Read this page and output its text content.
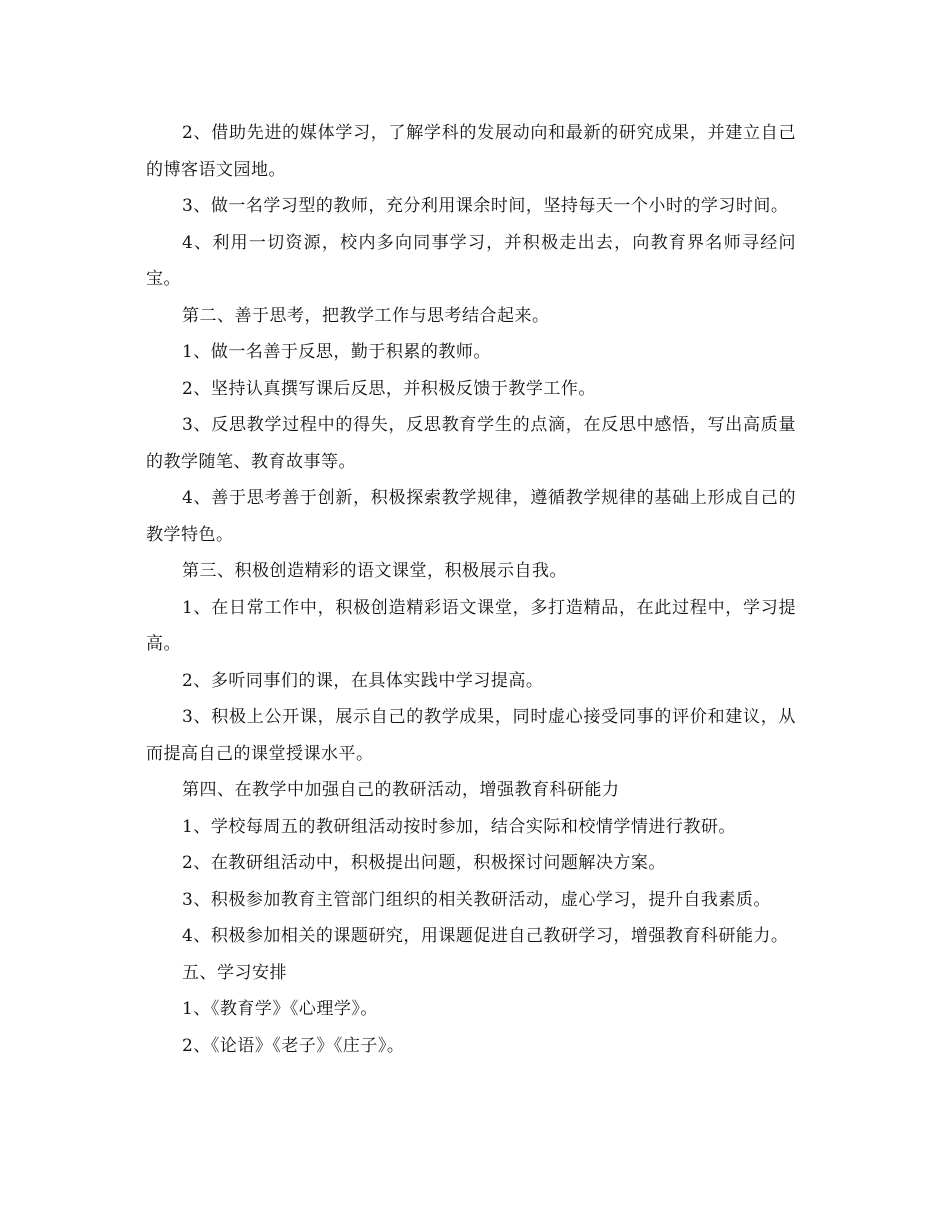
2、借助先进的媒体学习，了解学科的发展动向和最新的研究成果，并建立自己的博客语文园地。

3、做一名学习型的教师，充分利用课余时间，坚持每天一个小时的学习时间。

4、利用一切资源，校内多向同事学习，并积极走出去，向教育界名师寻经问宝。

第二、善于思考，把教学工作与思考结合起来。

1、做一名善于反思，勤于积累的教师。

2、坚持认真撰写课后反思，并积极反馈于教学工作。

3、反思教学过程中的得失，反思教育学生的点滴，在反思中感悟，写出高质量的教学随笔、教育故事等。

4、善于思考善于创新，积极探索教学规律，遵循教学规律的基础上形成自己的教学特色。

第三、积极创造精彩的语文课堂，积极展示自我。

1、在日常工作中，积极创造精彩语文课堂，多打造精品，在此过程中，学习提高。

2、多听同事们的课，在具体实践中学习提高。

3、积极上公开课，展示自己的教学成果，同时虚心接受同事的评价和建议，从而提高自己的课堂授课水平。

第四、在教学中加强自己的教研活动，增强教育科研能力

1、学校每周五的教研组活动按时参加，结合实际和校情学情进行教研。

2、在教研组活动中，积极提出问题，积极探讨问题解决方案。

3、积极参加教育主管部门组织的相关教研活动，虚心学习，提升自我素质。

4、积极参加相关的课题研究，用课题促进自己教研学习，增强教育科研能力。

五、学习安排

1、《教育学》《心理学》。

2、《论语》《老子》《庄子》。
